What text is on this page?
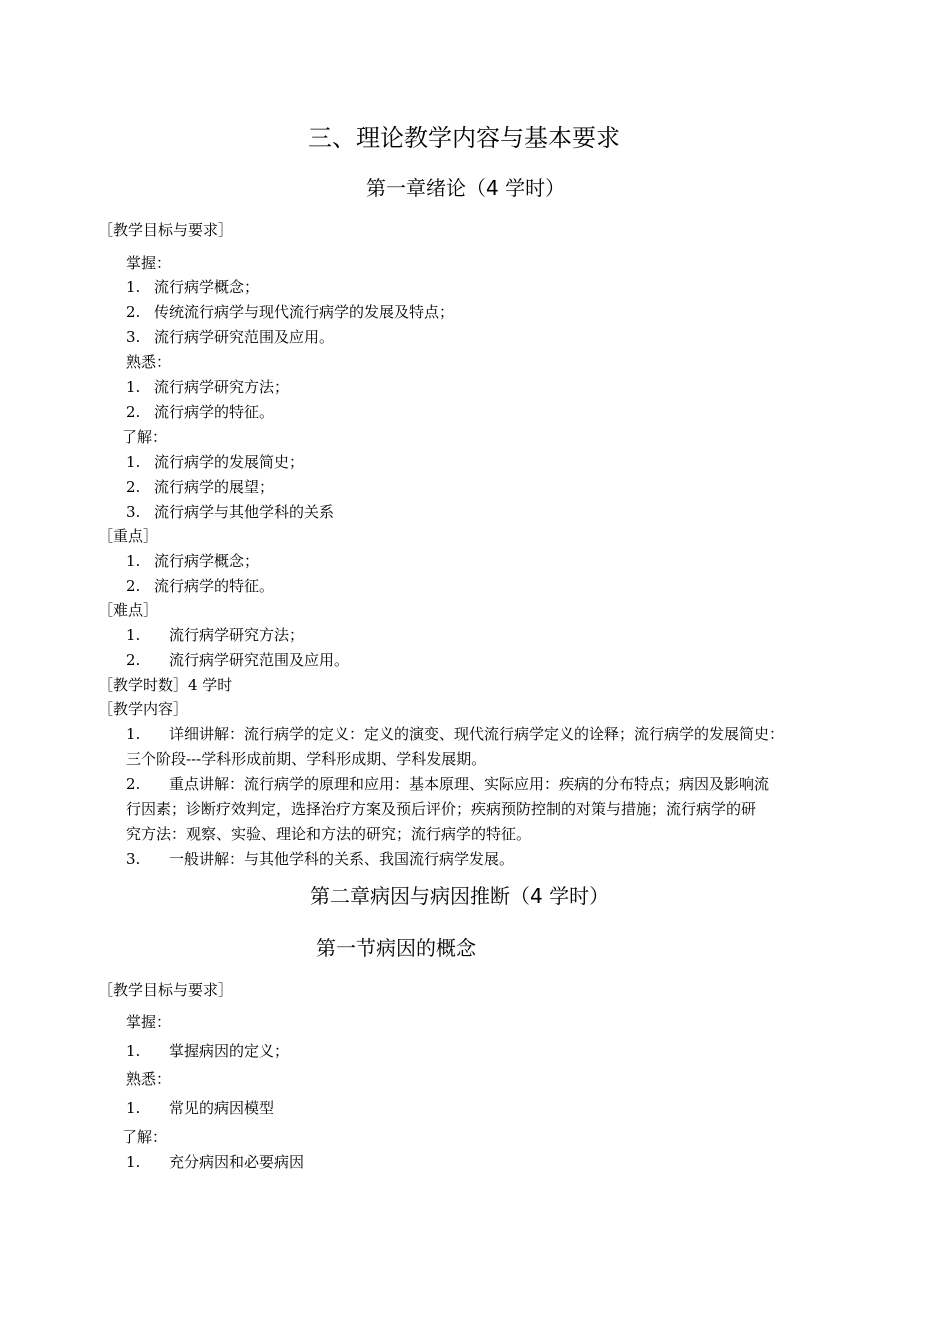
三、理论教学内容与基本要求
第一章绪论（4 学时）
［教学目标与要求］
掌握：
1. 流行病学概念；
2. 传统流行病学与现代流行病学的发展及特点；
3. 流行病学研究范围及应用。
熟悉：
1. 流行病学研究方法；
2. 流行病学的特征。
了解：
1. 流行病学的发展简史；
2. 流行病学的展望；
3. 流行病学与其他学科的关系
［重点］
1. 流行病学概念；
2. 流行病学的特征。
［难点］
1. 流行病学研究方法；
2. 流行病学研究范围及应用。
［教学时数］4 学时
［教学内容］
1. 详细讲解：流行病学的定义：定义的演变、现代流行病学定义的诠释；流行病学的发展简史：
三个阶段---学科形成前期、学科形成期、学科发展期。
2. 重点讲解：流行病学的原理和应用：基本原理、实际应用：疾病的分布特点；病因及影响流
行因素；诊断疗效判定，选择治疗方案及预后评价；疾病预防控制的对策与措施；流行病学的研
究方法：观察、实验、理论和方法的研究；流行病学的特征。
3. 一般讲解：与其他学科的关系、我国流行病学发展。
第二章病因与病因推断（4 学时）
第一节病因的概念
［教学目标与要求］
掌握：
1. 掌握病因的定义；
熟悉：
1. 常见的病因模型
了解：
1. 充分病因和必要病因
